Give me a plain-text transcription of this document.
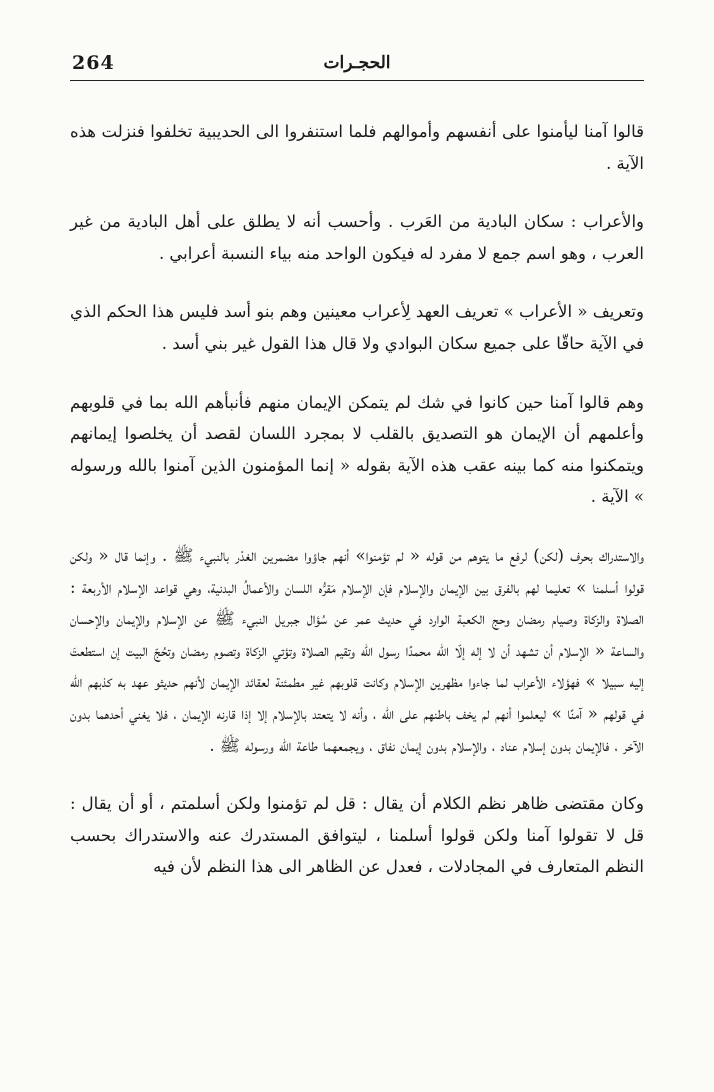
264	الحجـرات

قالوا آمنا ليأمنوا على أنفسهم وأموالهم فلما استنفروا الى الحديبية تخلفوا فنزلت هذه الآية .

والأعراب : سكان البادية من العَرب . وأحسب أنه لا يطلق على أهل البادية من غير العرب ، وهو اسم جمع لا مفرد له فيكون الواحد منه بياء النسبة أعرابي .

وتعريف « الأعراب » تعريف العهد لِأعراب معينين وهم بنو أسد فليس هذا الحكم الذي في الآية حاقّا على جميع سكان البوادي ولا قال هذا القول غير بني أسد .

وهم قالوا آمنا حين كانوا في شك لم يتمكن الإيمان منهم فأنبأهم الله بما في قلوبهم وأعلمهم أن الإيمان هو التصديق بالقلب لا بمجرد اللسان لقصد أن يخلصوا إيمانهم ويتمكنوا منه كما بينه عقب هذه الآية بقوله « إنما المؤمنون الذين آمنوا بالله ورسوله » الآية .

والاستدراك بحرف (لكن) لرفع ما يتوهم من قوله « لم تؤمنوا» أنهم جاؤوا مضمرين الغدْر بالنبيء ﷺ . وإنما قال « ولكن قولوا أسلمنا » تعليما لهم بالفرق بين الإيمان والإسلام فإن الإسلام مَقرُّه اللسان والأعمالُ البدنية، وهي قواعد الإسلام الأربعة : الصلاة والزكاة وصيام رمضان وحج الكعبة الوارد في حديث عمر عن سُؤال جبريل النبيء ﷺ عن الإسلام والإيمان والإحسان والساعة « الإسلام أن تشهد أن لا إله إلّا الله محمدًا رسول الله وتقيم الصلاة وتؤتي الزكاة وتصوم رمضان وتحُجّ البيت إن استطعتَ إليه سبيلا » فهؤلاء الأعراب لما جاءوا مظهرين الإسلام وكانت قلوبهم غير مطمئنة لعقائد الإيمان لأنهم حديثو عهد به كذبهم الله في قولهم « آمنًا » ليعلموا أنهم لم يخف باطنهم على الله ، وأنه لا يتعتد بالإسلام إلا إذا قارنه الإيمان ، فلا يغني أحدهما بدون الآخر ، فالإيمان بدون إسلام عناد ، والإسلام بدون إيمان نفاق ، ويجمعهما طاعة الله ورسوله ﷺ .

وكان مقتضى ظاهر نظم الكلام أن يقال : قل لم تؤمنوا ولكن أسلمتم ، أو أن يقال : قل لا تقولوا آمنا ولكن قولوا أسلمنا ، ليتوافق المستدرك عنه والاستدراك بحسب النظم المتعارف في المجادلات ، فعدل عن الظاهر الى هذا النظم لأن فيه
